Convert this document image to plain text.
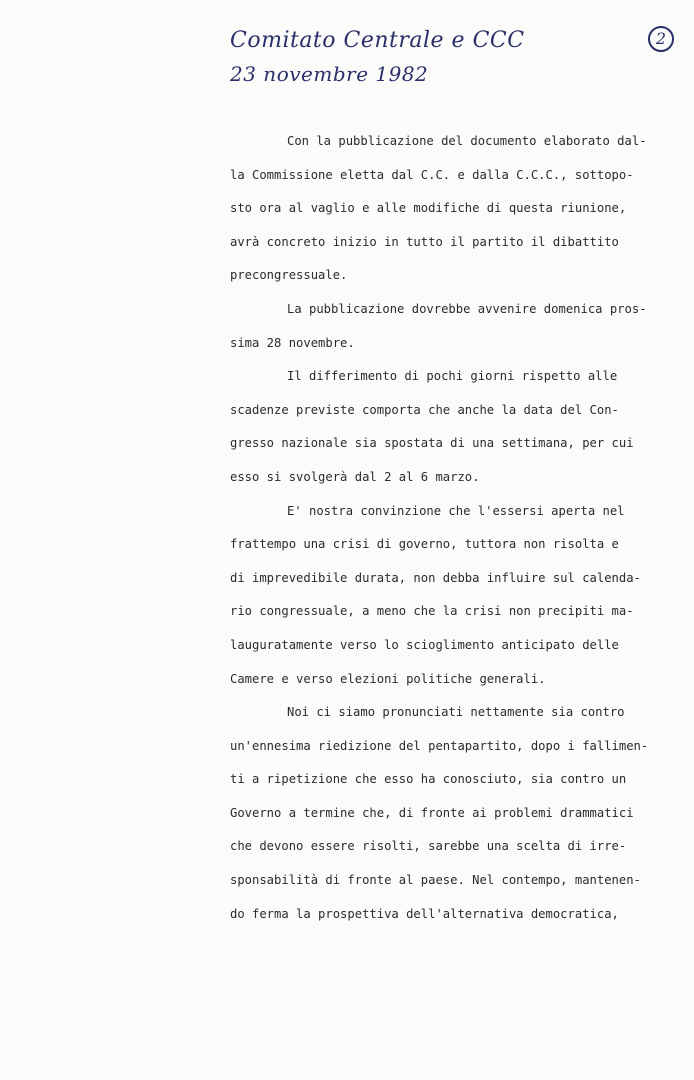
Comitato Centrale e CCC
23 novembre 1982
2
Con la pubblicazione del documento elaborato dal-
la Commissione eletta dal C.C. e dalla C.C.C., sottopo-
sto ora al vaglio e alle modifiche di questa riunione,
avrà concreto inizio in tutto il partito il dibattito
precongressuale.
La pubblicazione dovrebbe avvenire domenica pros-
sima 28 novembre.
Il differimento di pochi giorni rispetto alle
scadenze previste comporta che anche la data del Con-
gresso nazionale sia spostata di una settimana, per cui
esso si svolgerà dal 2 al 6 marzo.
E' nostra convinzione che l'essersi aperta nel
frattempo una crisi di governo, tuttora non risolta e
di imprevedibile durata, non debba influire sul calenda-
rio congressuale, a meno che la crisi non precipiti ma-
lauguratamente verso lo scioglimento anticipato delle
Camere e verso elezioni politiche generali.
Noi ci siamo pronunciati nettamente sia contro
un'ennesima riedizione del pentapartito, dopo i fallimen-
ti a ripetizione che esso ha conosciuto, sia contro un
Governo a termine che, di fronte ai problemi drammatici
che devono essere risolti, sarebbe una scelta di irre-
sponsabilità di fronte al paese. Nel contempo, mantenen-
do ferma la prospettiva dell'alternativa democratica,
